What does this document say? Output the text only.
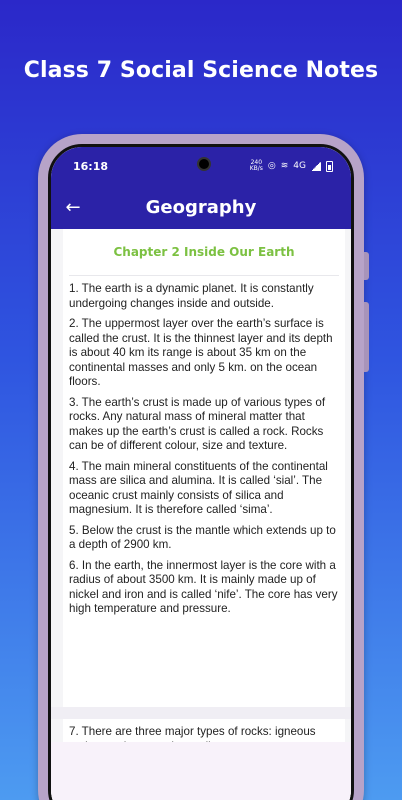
Class 7 Social Science Notes
16:18	240
KB/s ◎ ≋ 4G
←	Geography
Chapter 2 Inside Our Earth

1. The earth is a dynamic planet. It is constantly undergoing changes inside and outside.

2. The uppermost layer over the earth’s surface is called the crust. It is the thinnest layer and its depth is about 40 km its range is about 35 km on the continental masses and only 5 km. on the ocean floors.

3. The earth’s crust is made up of various types of rocks. Any natural mass of mineral matter that makes up the earth’s crust is called a rock. Rocks can be of different colour, size and texture.

4. The main mineral constituents of the continental mass are silica and alumina. It is called ‘sial’. The oceanic crust mainly consists of silica and magnesium. It is therefore called ‘sima’.

5. Below the crust is the mantle which extends up to a depth of 2900 km.

6. In the earth, the innermost layer is the core with a radius of about 3500 km. It is mainly made up of nickel and iron and is called ‘nife’. The core has very high temperature and pressure.

7. There are three major types of rocks: igneous
